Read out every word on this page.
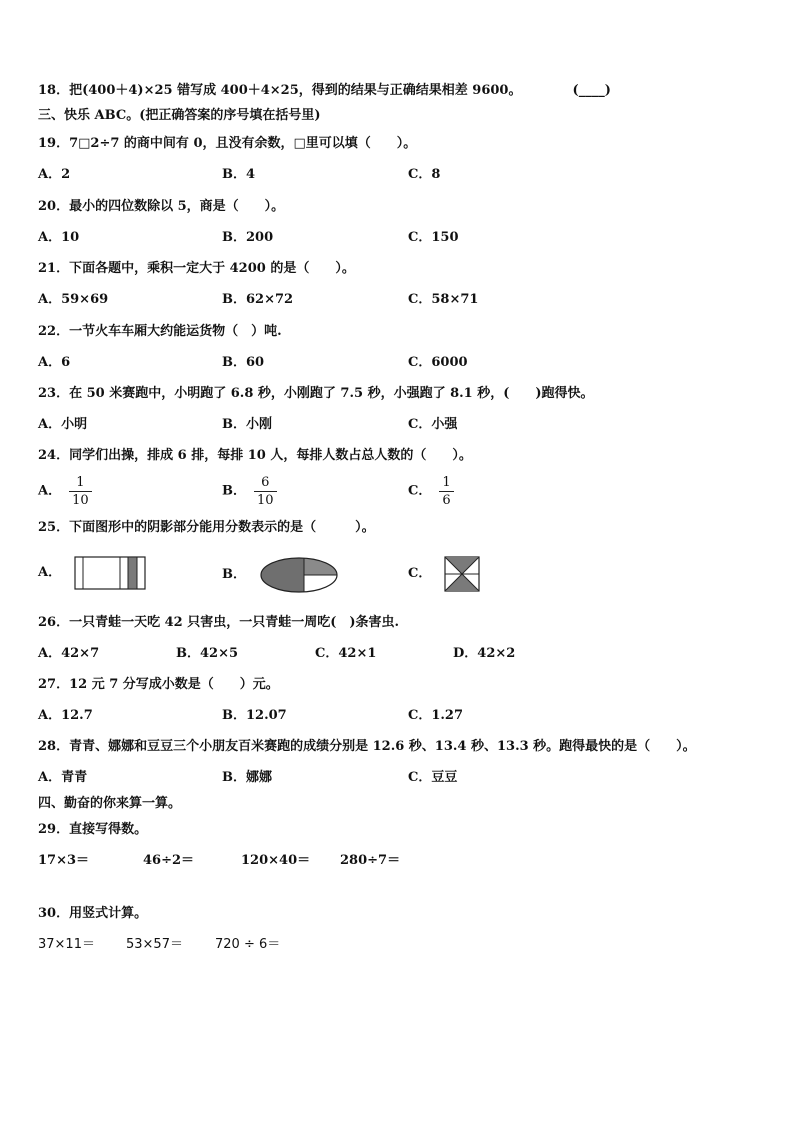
18．把(400＋4)×25 错写成 400＋4×25，得到的结果与正确结果相差 9600。	(____)
三、快乐 ABC。(把正确答案的序号填在括号里)
19．7□2÷7 的商中间有 0，且没有余数，□里可以填（　　）。
A．2	B．4	C．8
20．最小的四位数除以 5，商是（　　）。
A．10	B．200	C．150
21．下面各题中，乘积一定大于 4200 的是（　　）。
A．59×69	B．62×72	C．58×71
22．一节火车车厢大约能运货物（　）吨.
A．6	B．60	C．6000
23．在 50 米赛跑中，小明跑了 6.8 秒，小刚跑了 7.5 秒，小强跑了 8.1 秒，(　　)跑得快。
A．小明	B．小刚	C．小强
24．同学们出操，排成 6 排，每排 10 人，每排人数占总人数的（　　）。
A． $\frac{1}{10}$	B． $\frac{6}{10}$	C． $\frac{1}{6}$
25．下面图形中的阴影部分能用分数表示的是（　　　）。
A．	B．	C．
26．一只青蛙一天吃 42 只害虫，一只青蛙一周吃(　)条害虫.
A．42×7	B．42×5	C．42×1	D．42×2
27．12 元 7 分写成小数是（　　）元。
A．12.7	B．12.07	C．1.27
28．青青、娜娜和豆豆三个小朋友百米赛跑的成绩分别是 12.6 秒、13.4 秒、13.3 秒。跑得最快的是（　　）。
A．青青	B．娜娜	C．豆豆
四、勤奋的你来算一算。
29．直接写得数。
17×3＝	46÷2＝	120×40＝ 280÷7＝
30．用竖式计算。
37×11＝ 53×57＝ 720 ÷ 6＝
